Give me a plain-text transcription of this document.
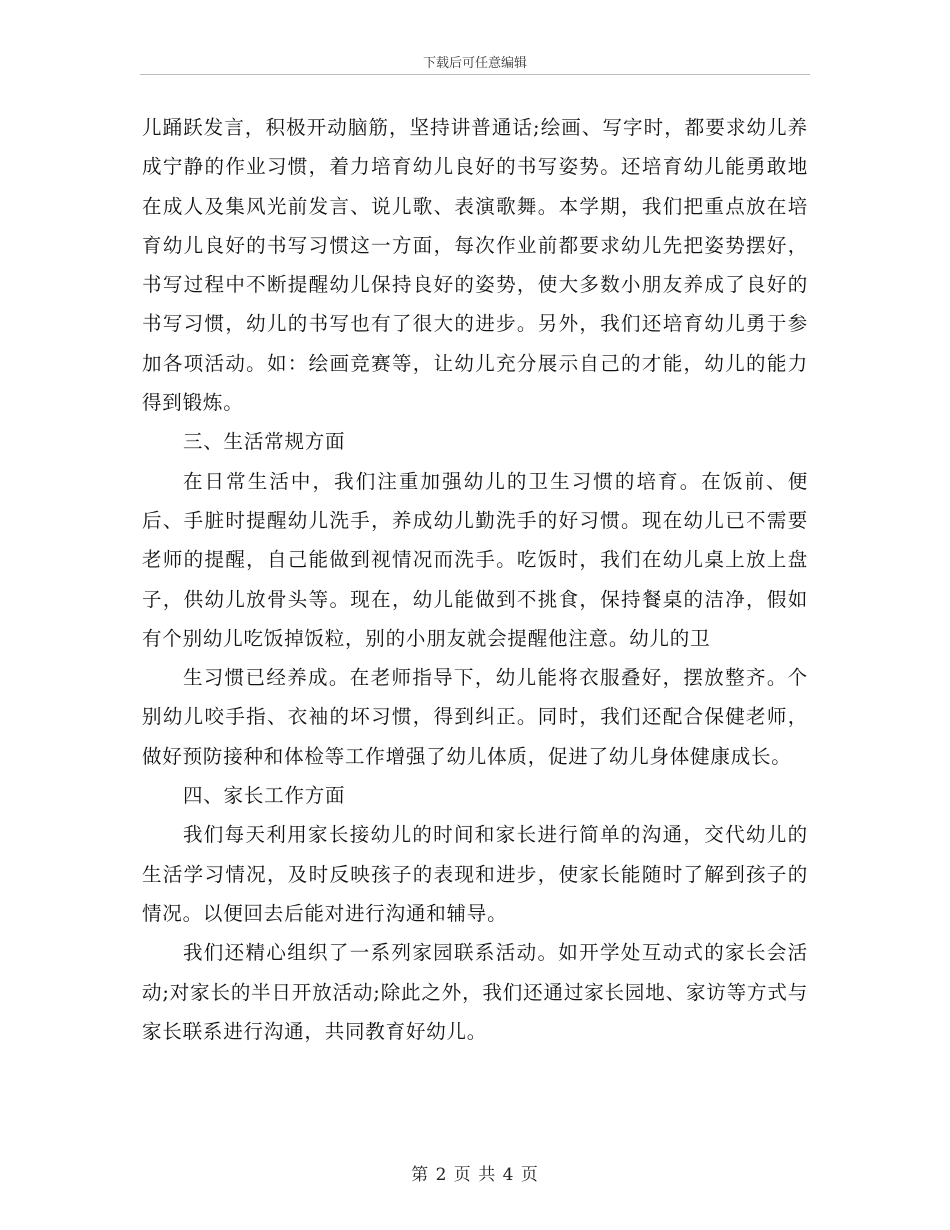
下载后可任意编辑

儿踊跃发言，积极开动脑筋，坚持讲普通话;绘画、写字时，都要求幼儿养成宁静的作业习惯，着力培育幼儿良好的书写姿势。还培育幼儿能勇敢地在成人及集风光前发言、说儿歌、表演歌舞。本学期，我们把重点放在培育幼儿良好的书写习惯这一方面，每次作业前都要求幼儿先把姿势摆好，书写过程中不断提醒幼儿保持良好的姿势，使大多数小朋友养成了良好的书写习惯，幼儿的书写也有了很大的进步。另外，我们还培育幼儿勇于参加各项活动。如：绘画竞赛等，让幼儿充分展示自己的才能，幼儿的能力得到锻炼。

三、生活常规方面

在日常生活中，我们注重加强幼儿的卫生习惯的培育。在饭前、便后、手脏时提醒幼儿洗手，养成幼儿勤洗手的好习惯。现在幼儿已不需要老师的提醒，自己能做到视情况而洗手。吃饭时，我们在幼儿桌上放上盘子，供幼儿放骨头等。现在，幼儿能做到不挑食，保持餐桌的洁净，假如有个别幼儿吃饭掉饭粒，别的小朋友就会提醒他注意。幼儿的卫

生习惯已经养成。在老师指导下，幼儿能将衣服叠好，摆放整齐。个别幼儿咬手指、衣袖的坏习惯，得到纠正。同时，我们还配合保健老师，做好预防接种和体检等工作增强了幼儿体质，促进了幼儿身体健康成长。

四、家长工作方面

我们每天利用家长接幼儿的时间和家长进行简单的沟通，交代幼儿的生活学习情况，及时反映孩子的表现和进步，使家长能随时了解到孩子的情况。以便回去后能对进行沟通和辅导。

我们还精心组织了一系列家园联系活动。如开学处互动式的家长会活动;对家长的半日开放活动;除此之外，我们还通过家长园地、家访等方式与家长联系进行沟通，共同教育好幼儿。

第 2 页 共 4 页
